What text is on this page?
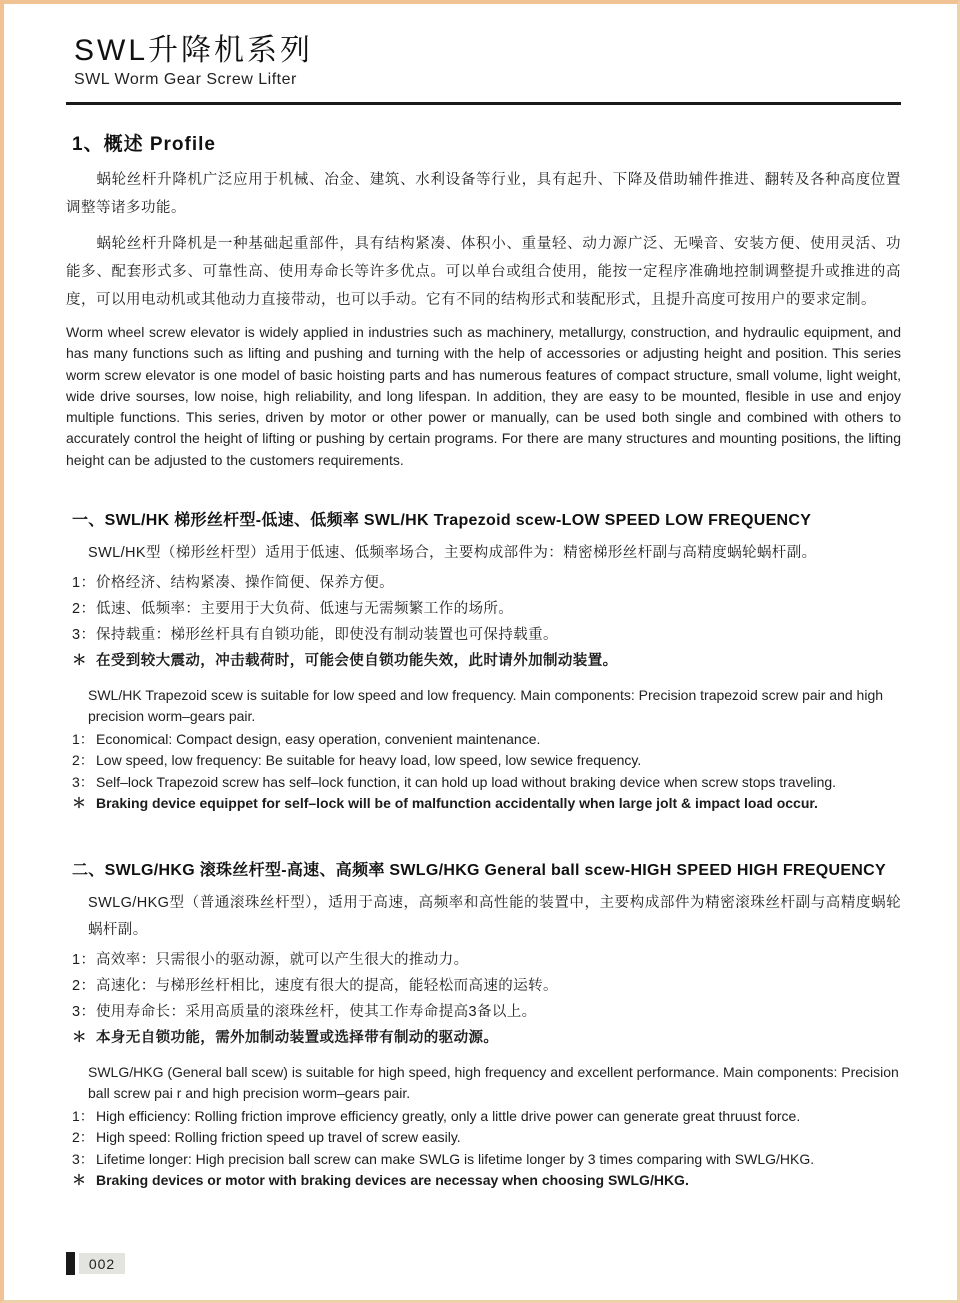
SWL升降机系列
SWL Worm Gear Screw Lifter
1、概述 Profile

蜗轮丝杆升降机广泛应用于机械、冶金、建筑、水利设备等行业，具有起升、下降及借助辅件推进、翻转及各种高度位置调整等诸多功能。

蜗轮丝杆升降机是一种基础起重部件，具有结构紧凑、体积小、重量轻、动力源广泛、无噪音、安装方便、使用灵活、功能多、配套形式多、可靠性高、使用寿命长等许多优点。可以单台或组合使用，能按一定程序准确地控制调整提升或推进的高度，可以用电动机或其他动力直接带动，也可以手动。它有不同的结构形式和装配形式，且提升高度可按用户的要求定制。

Worm wheel screw elevator is widely applied in industries such as machinery, metallurgy, construction, and hydraulic equipment, and has many functions such as lifting and pushing and turning with the help of accessories or adjusting height and position. This series worm screw elevator is one model of basic hoisting parts and has numerous features of compact structure, small volume, light weight, wide drive sourses, low noise, high reliability, and long lifespan. In addition, they are easy to be mounted, flesible in use and enjoy multiple functions. This series, driven by motor or other power or manually, can be used both single and combined with others to accurately control the height of lifting or pushing by certain programs. For there are many structures and mounting positions, the lifting height can be adjusted to the customers requirements.

一、SWL/HK 梯形丝杆型-低速、低频率 SWL/HK Trapezoid scew-LOW SPEED LOW FREQUENCY

SWL/HK型（梯形丝杆型）适用于低速、低频率场合，主要构成部件为：精密梯形丝杆副与高精度蜗轮蜗杆副。

1： 价格经济、结构紧凑、操作简便、保养方便。
2： 低速、低频率：主要用于大负荷、低速与无需频繁工作的场所。
3： 保持载重：梯形丝杆具有自锁功能，即使没有制动装置也可保持载重。
＊ 在受到较大震动，冲击载荷时，可能会使自锁功能失效，此时请外加制动装置。

SWL/HK Trapezoid scew is suitable for low speed and low frequency. Main components: Precision trapezoid screw pair and high precision worm–gears pair.

1： Economical: Compact design, easy operation, convenient maintenance.
2： Low speed, low frequency: Be suitable for heavy load, low speed, low sewice frequency.
3： Self–lock Trapezoid screw has self–lock function, it can hold up load without braking device when screw stops traveling.
＊ Braking device equippet for self–lock will be of malfunction accidentally when large jolt & impact load occur.
二、SWLG/HKG 滚珠丝杆型-高速、高频率 SWLG/HKG General ball scew-HIGH SPEED HIGH FREQUENCY

SWLG/HKG型（普通滚珠丝杆型），适用于高速，高频率和高性能的装置中，主要构成部件为精密滚珠丝杆副与高精度蜗轮蜗杆副。

1： 高效率：只需很小的驱动源，就可以产生很大的推动力。
2： 高速化：与梯形丝杆相比，速度有很大的提高，能轻松而高速的运转。
3： 使用寿命长：采用高质量的滚珠丝杆，使其工作寿命提高3备以上。
＊ 本身无自锁功能，需外加制动装置或选择带有制动的驱动源。

SWLG/HKG (General ball scew) is suitable for high speed, high frequency and excellent performance. Main components: Precision ball screw pai r and high precision worm–gears pair.

1： High efficiency: Rolling friction improve efficiency greatly, only a little drive power can generate great thruust force.
2： High speed: Rolling friction speed up travel of screw easily.
3： Lifetime longer: High precision ball screw can make SWLG is lifetime longer by 3 times comparing with SWLG/HKG.
＊ Braking devices or motor with braking devices are necessay when choosing SWLG/HKG.
002
